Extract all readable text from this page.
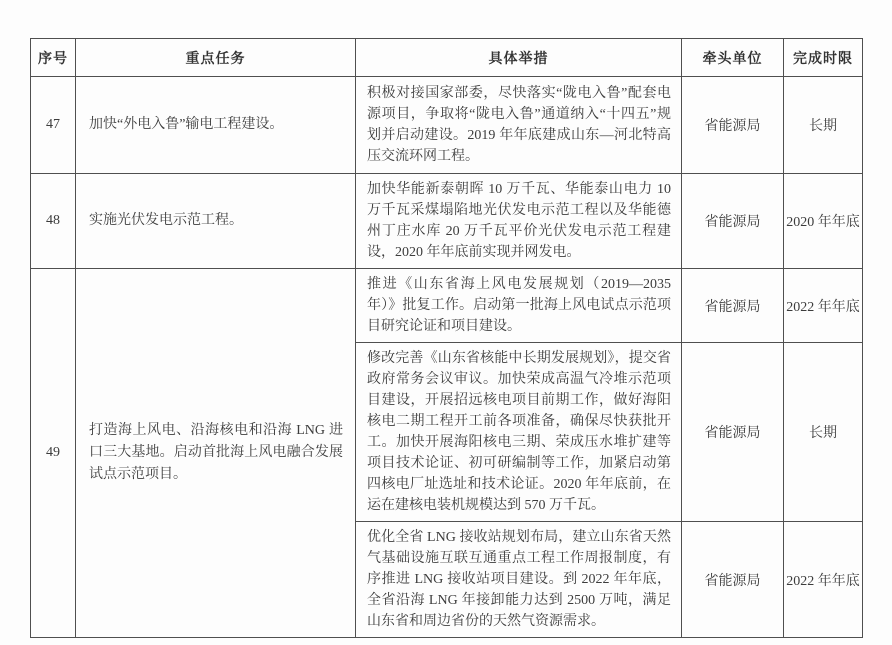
序号	重点任务	具体举措	牵头单位	完成时限
47	加快“外电入鲁”输电工程建设。	积极对接国家部委，尽快落实“陇电入鲁”配套电源项目，争取将“陇电入鲁”通道纳入“十四五”规划并启动建设。2019 年年底建成山东—河北特高压交流环网工程。	省能源局	长期
48	实施光伏发电示范工程。	加快华能新泰朝晖 10 万千瓦、华能泰山电力 10 万千瓦采煤塌陷地光伏发电示范工程以及华能德州丁庄水库 20 万千瓦平价光伏发电示范工程建设，2020 年年底前实现并网发电。	省能源局	2020 年年底
49	打造海上风电、沿海核电和沿海 LNG 进口三大基地。启动首批海上风电融合发展试点示范项目。	推进《山东省海上风电发展规划（2019—2035 年）》批复工作。启动第一批海上风电试点示范项目研究论证和项目建设。	省能源局	2022 年年底
		修改完善《山东省核能中长期发展规划》，提交省政府常务会议审议。加快荣成高温气冷堆示范项目建设，开展招远核电项目前期工作，做好海阳核电二期工程开工前各项准备，确保尽快获批开工。加快开展海阳核电三期、荣成压水堆扩建等项目技术论证、初可研编制等工作，加紧启动第四核电厂址选址和技术论证。2020 年年底前，在运在建核电装机规模达到 570 万千瓦。	省能源局	长期
		优化全省 LNG 接收站规划布局，建立山东省天然气基础设施互联互通重点工程工作周报制度，有序推进 LNG 接收站项目建设。到 2022 年年底，全省沿海 LNG 年接卸能力达到 2500 万吨，满足山东省和周边省份的天然气资源需求。	省能源局	2022 年年底
